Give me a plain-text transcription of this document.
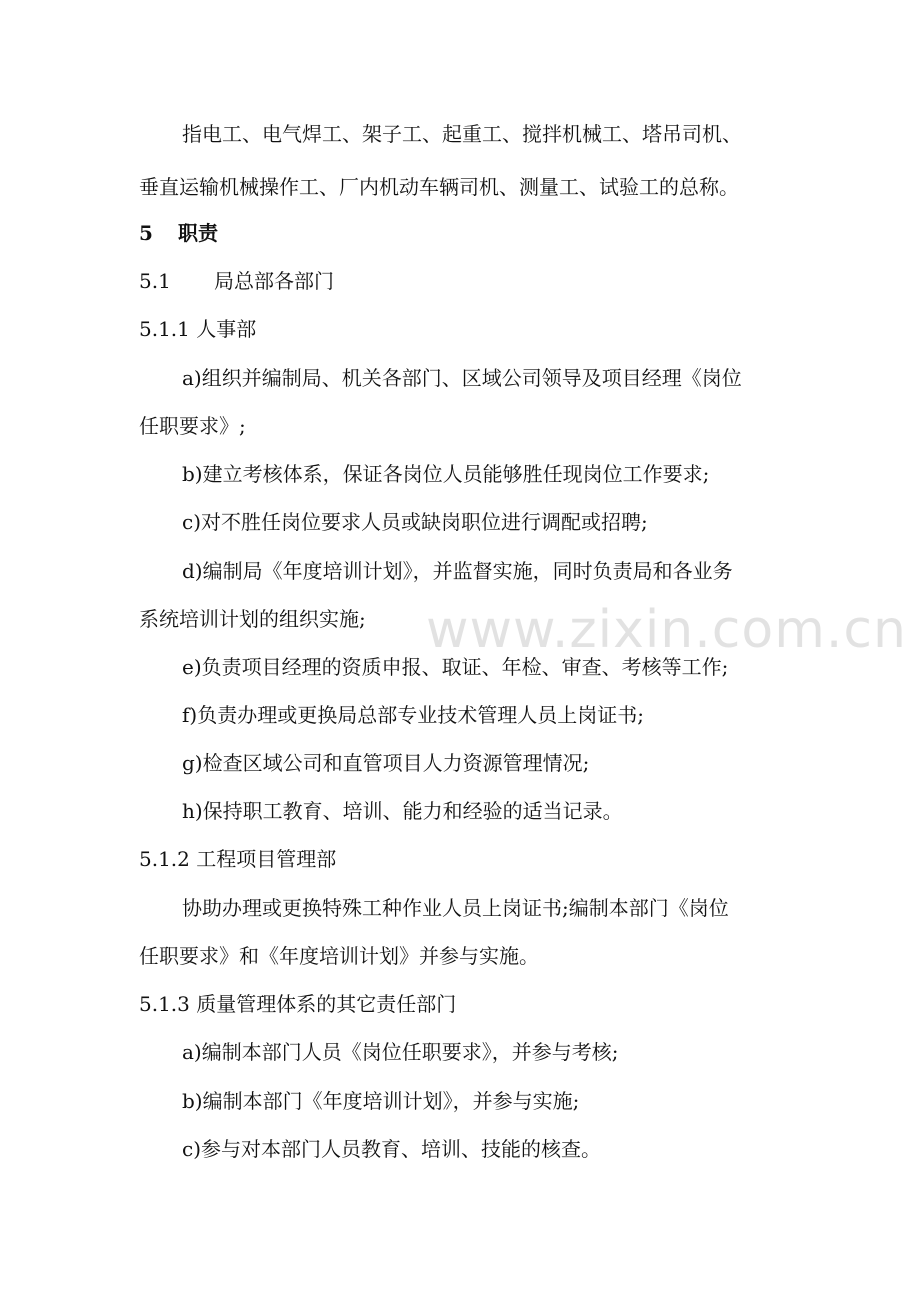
指电工、电气焊工、架子工、起重工、搅拌机械工、塔吊司机、
垂直运输机械操作工、厂内机动车辆司机、测量工、试验工的总称。
5 职责
5.1 局总部各部门
5.1.1 人事部
a)组织并编制局、机关各部门、区域公司领导及项目经理《岗位
任职要求》;
b)建立考核体系，保证各岗位人员能够胜任现岗位工作要求;
c)对不胜任岗位要求人员或缺岗职位进行调配或招聘;
d)编制局《年度培训计划》，并监督实施，同时负责局和各业务
系统培训计划的组织实施;
e)负责项目经理的资质申报、取证、年检、审查、考核等工作;
f)负责办理或更换局总部专业技术管理人员上岗证书;
g)检查区域公司和直管项目人力资源管理情况;
h)保持职工教育、培训、能力和经验的适当记录。
5.1.2 工程项目管理部
协助办理或更换特殊工种作业人员上岗证书;编制本部门《岗位
任职要求》和《年度培训计划》并参与实施。
5.1.3 质量管理体系的其它责任部门
a)编制本部门人员《岗位任职要求》，并参与考核;
b)编制本部门《年度培训计划》，并参与实施;
c)参与对本部门人员教育、培训、技能的核查。
www.zixin.com.cn
